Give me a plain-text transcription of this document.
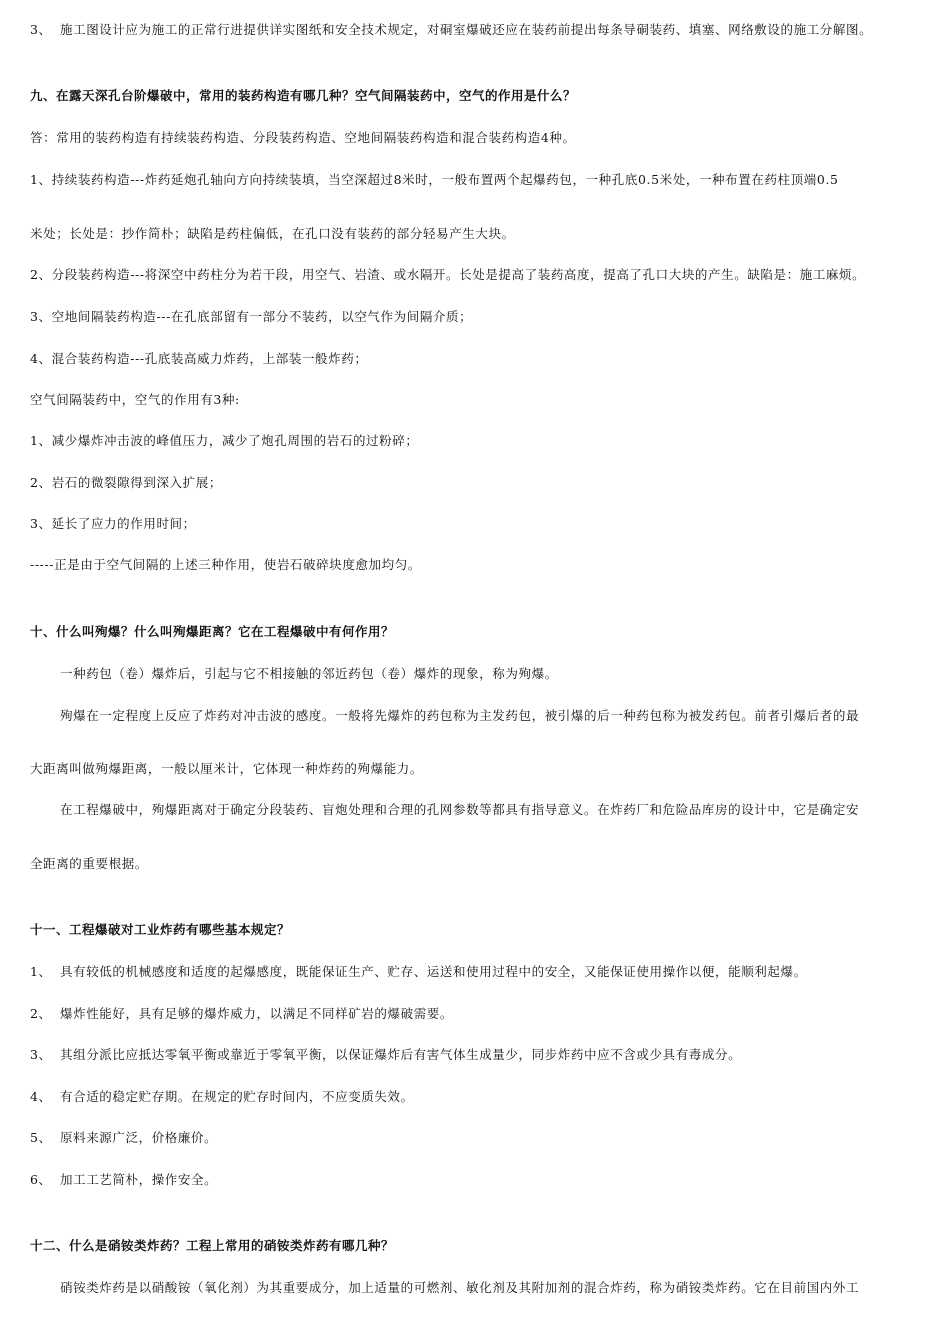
3、 施工图设计应为施工的正常行进提供详实图纸和安全技术规定，对硐室爆破还应在装药前提出每条导硐装药、填塞、网络敷设的施工分解图。
九、在露天深孔台阶爆破中，常用的装药构造有哪几种？空气间隔装药中，空气的作用是什么？
答：常用的装药构造有持续装药构造、分段装药构造、空地间隔装药构造和混合装药构造4种。
1、持续装药构造---炸药延炮孔轴向方向持续装填，当空深超过8米时，一般布置两个起爆药包，一种孔底0.5米处，一种布置在药柱顶端0.5
米处；长处是：抄作简朴；缺陷是药柱偏低，在孔口没有装药的部分轻易产生大块。
2、分段装药构造---将深空中药柱分为若干段，用空气、岩渣、或水隔开。长处是提高了装药高度，提高了孔口大块的产生。缺陷是：施工麻烦。
3、空地间隔装药构造---在孔底部留有一部分不装药，以空气作为间隔介质；
4、混合装药构造---孔底装高威力炸药，上部装一般炸药；
空气间隔装药中，空气的作用有3种:
1、减少爆炸冲击波的峰值压力，减少了炮孔周围的岩石的过粉碎；
2、岩石的微裂隙得到深入扩展；
3、延长了应力的作用时间；
-----正是由于空气间隔的上述三种作用，使岩石破碎块度愈加均匀。
十、什么叫殉爆？什么叫殉爆距离？它在工程爆破中有何作用？
一种药包（卷）爆炸后，引起与它不相接触的邻近药包（卷）爆炸的现象，称为殉爆。
殉爆在一定程度上反应了炸药对冲击波的感度。一般将先爆炸的药包称为主发药包，被引爆的后一种药包称为被发药包。前者引爆后者的最
大距离叫做殉爆距离，一般以厘米计，它体现一种炸药的殉爆能力。
在工程爆破中，殉爆距离对于确定分段装药、盲炮处理和合理的孔网参数等都具有指导意义。在炸药厂和危险品库房的设计中，它是确定安
全距离的重要根据。
十一、工程爆破对工业炸药有哪些基本规定？
1、 具有较低的机械感度和适度的起爆感度，既能保证生产、贮存、运送和使用过程中的安全，又能保证使用操作以便，能顺利起爆。
2、 爆炸性能好，具有足够的爆炸威力，以满足不同样矿岩的爆破需要。
3、 其组分派比应抵达零氧平衡或靠近于零氧平衡，以保证爆炸后有害气体生成量少，同步炸药中应不含或少具有毒成分。
4、 有合适的稳定贮存期。在规定的贮存时间内，不应变质失效。
5、 原料来源广泛，价格廉价。
6、 加工工艺简朴，操作安全。
十二、什么是硝铵类炸药？工程上常用的硝铵类炸药有哪几种？
硝铵类炸药是以硝酸铵（氧化剂）为其重要成分，加上适量的可燃剂、敏化剂及其附加剂的混合炸药，称为硝铵类炸药。它在目前国内外工
